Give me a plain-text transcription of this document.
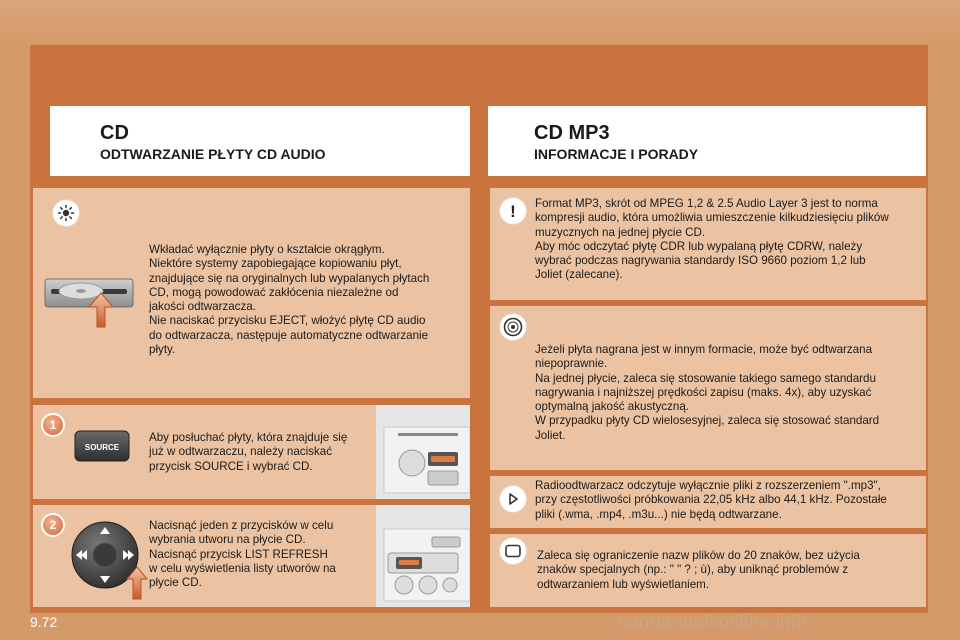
CD
ODTWARZANIE PŁYTY CD AUDIO
CD MP3
INFORMACJE I PORADY
Wkładać wyłącznie płyty o kształcie okrągłym.
Niektóre systemy zapobiegające kopiowaniu płyt,
znajdujące się na oryginalnych lub wypalanych płytach
CD, mogą powodować zakłócenia niezależne od
jakości odtwarzacza.
Nie naciskać przycisku EJECT, włożyć płytę CD audio
do odtwarzacza, następuje automatyczne odtwarzanie
płyty.
SOURCE
Aby posłuchać płyty, która znajduje się
już w odtwarzaczu, należy naciskać
przycisk SOURCE i wybrać CD.
1
Nacisnąć jeden z przycisków w celu
wybrania utworu na płycie CD.
Nacisnąć przycisk LIST REFRESH
w celu wyświetlenia listy utworów na
płycie CD.
2
! Format MP3, skrót od MPEG 1,2 & 2.5 Audio Layer 3 jest to norma
kompresji audio, która umożliwia umieszczenie kilkudziesięciu plików
muzycznych na jednej płycie CD.
Aby móc odczytać płytę CDR lub wypalaną płytę CDRW, należy
wybrać podczas nagrywania standardy ISO 9660 poziom 1,2 lub
Joliet (zalecane).
Jeżeli płyta nagrana jest w innym formacie, może być odtwarzana
niepoprawnie.
Na jednej płycie, zaleca się stosowanie takiego samego standardu
nagrywania i najniższej prędkości zapisu (maks. 4x), aby uzyskać
optymalną jakość akustyczną.
W przypadku płyty CD wielosesyjnej, zaleca się stosować standard
Joliet.
Radioodtwarzacz odczytuje wyłącznie pliki z rozszerzeniem ".mp3",
przy częstotliwości próbkowania 22,05 kHz albo 44,1 kHz. Pozostałe
pliki (.wma, .mp4, .m3u...) nie będą odtwarzane.
Zaleca się ograniczenie nazw plików do 20 znaków, bez użycia
znaków specjalnych (np.: " " ? ; ù), aby uniknąć problemów z
odtwarzaniem lub wyświetlaniem.
9.72	carmanualsonline.info
